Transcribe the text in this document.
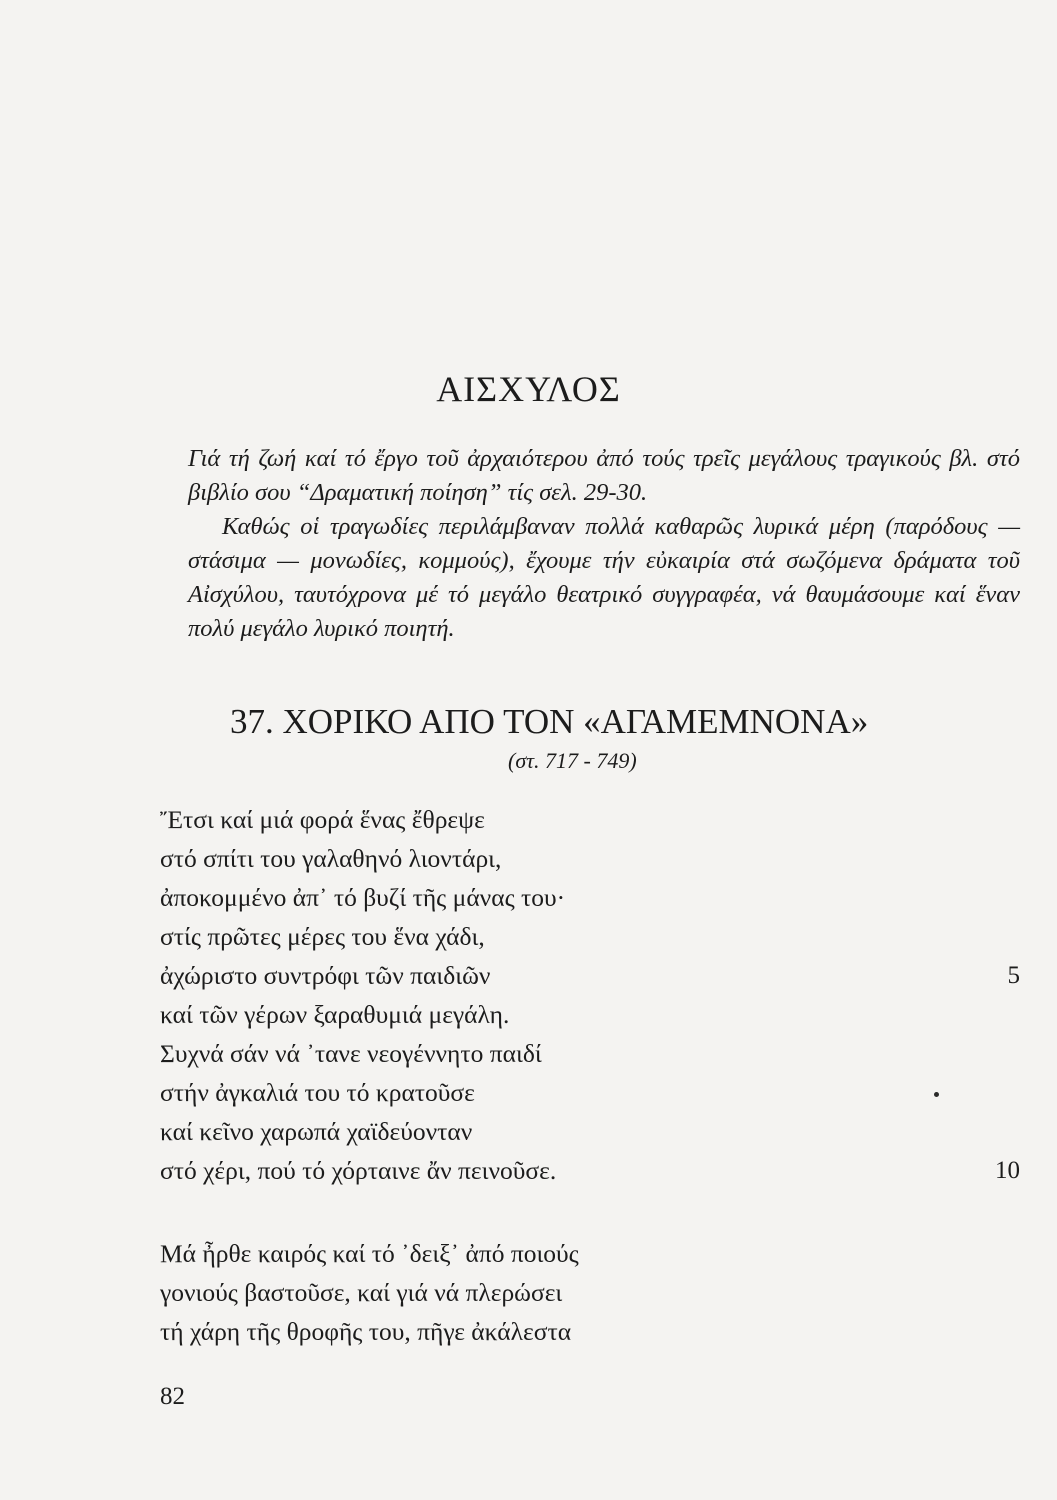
ΑΙΣΧΥΛΟΣ

Γιά τή ζωή καί τό ἔργο τοῦ ἀρχαιότερου ἀπό τούς τρεῖς μεγάλους τραγικούς βλ. στό βιβλίο σου “Δραματική ποίηση” τίς σελ. 29-30.

Καθώς οἱ τραγωδίες περιλάμβαναν πολλά καθαρῶς λυρικά μέρη (παρόδους — στάσιμα — μονωδίες, κομμούς), ἔχουμε τήν εὐκαιρία στά σωζόμενα δράματα τοῦ Αἰσχύλου, ταυτόχρονα μέ τό μεγάλο θεατρικό συγγραφέα, νά θαυμάσουμε καί ἕναν πολύ μεγάλο λυρικό ποιητή.

37. ΧΟΡΙΚΟ ΑΠΟ ΤΟΝ «ΑΓΑΜΕΜΝΟΝΑ»
(στ. 717 - 749)
Ἔτσι καί μιά φορά ἕνας ἔθρεψε
στό σπίτι του γαλαθηνό λιοντάρι,
ἀποκομμένο ἀπ᾽ τό βυζί τῆς μάνας του·
στίς πρῶτες μέρες του ἕνα χάδι,
ἀχώριστο συντρόφι τῶν παιδιῶν	5
καί τῶν γέρων ξαραθυμιά μεγάλη.
Συχνά σάν νά ᾽τανε νεογέννητο παιδί
στήν ἀγκαλιά του τό κρατοῦσε
καί κεῖνο χαρωπά χαϊδεύονταν
στό χέρι, πού τό χόρταινε ἄν πεινοῦσε.	10
Μά ἦρθε καιρός καί τό ᾽δειξ᾽ ἀπό ποιούς
γονιούς βαστοῦσε, καί γιά νά πλερώσει
τή χάρη τῆς θροφῆς του, πῆγε ἀκάλεστα
82
